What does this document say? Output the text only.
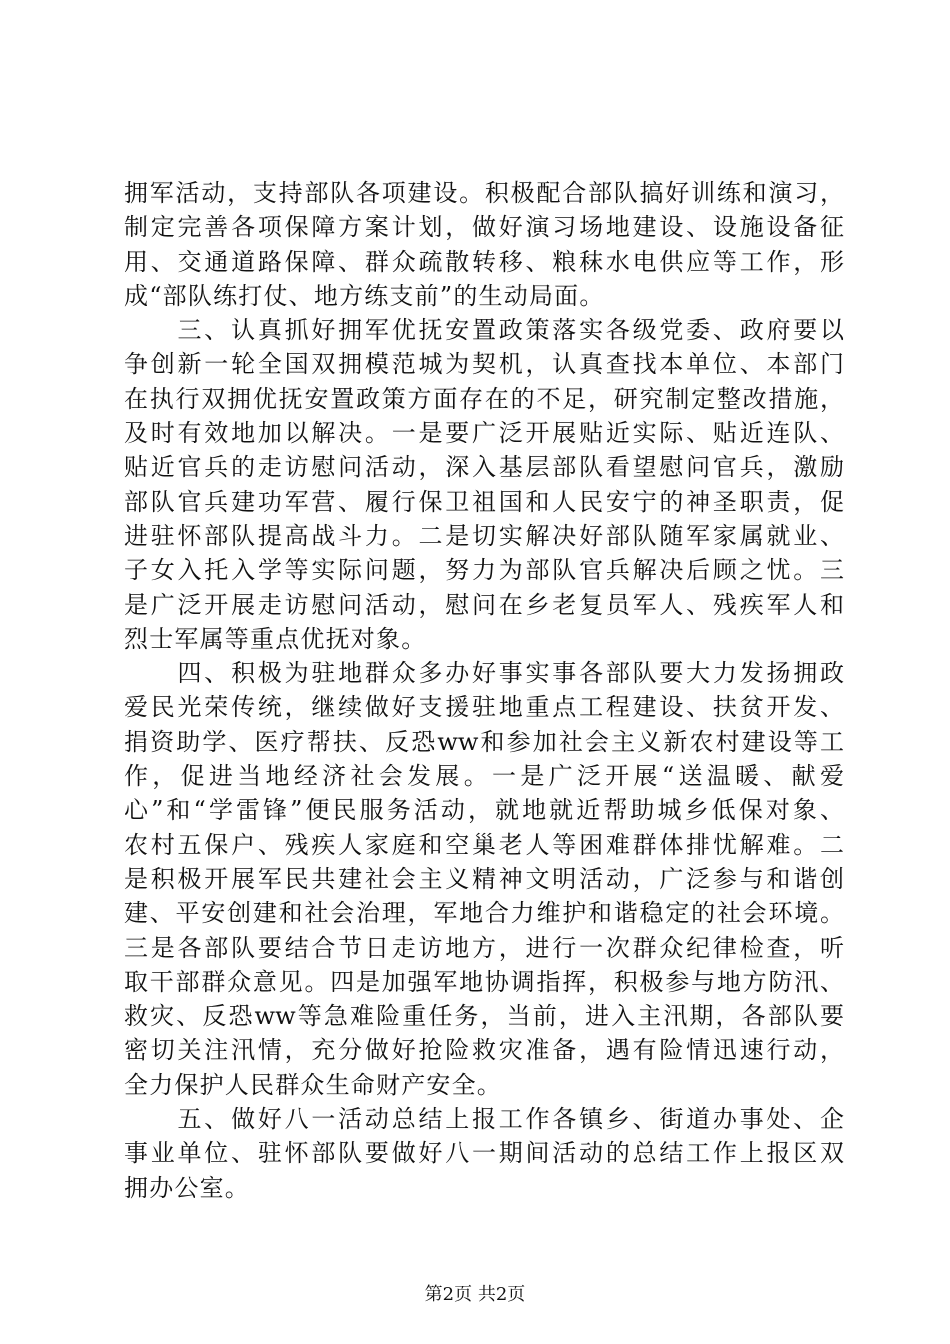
拥军活动，支持部队各项建设。积极配合部队搞好训练和演习，
制定完善各项保障方案计划，做好演习场地建设、设施设备征
用、交通道路保障、群众疏散转移、粮秣水电供应等工作，形
成“部队练打仗、地方练支前”的生动局面。
　　三、认真抓好拥军优抚安置政策落实各级党委、政府要以
争创新一轮全国双拥模范城为契机，认真查找本单位、本部门
在执行双拥优抚安置政策方面存在的不足，研究制定整改措施，
及时有效地加以解决。一是要广泛开展贴近实际、贴近连队、
贴近官兵的走访慰问活动，深入基层部队看望慰问官兵，激励
部队官兵建功军营、履行保卫祖国和人民安宁的神圣职责，促
进驻怀部队提高战斗力。二是切实解决好部队随军家属就业、
子女入托入学等实际问题，努力为部队官兵解决后顾之忧。三
是广泛开展走访慰问活动，慰问在乡老复员军人、残疾军人和
烈士军属等重点优抚对象。
　　四、积极为驻地群众多办好事实事各部队要大力发扬拥政
爱民光荣传统，继续做好支援驻地重点工程建设、扶贫开发、
捐资助学、医疗帮扶、反恐ww和参加社会主义新农村建设等工
作，促进当地经济社会发展。一是广泛开展“送温暖、献爱
心”和“学雷锋”便民服务活动，就地就近帮助城乡低保对象、
农村五保户、残疾人家庭和空巢老人等困难群体排忧解难。二
是积极开展军民共建社会主义精神文明活动，广泛参与和谐创
建、平安创建和社会治理，军地合力维护和谐稳定的社会环境。
三是各部队要结合节日走访地方，进行一次群众纪律检查，听
取干部群众意见。四是加强军地协调指挥，积极参与地方防汛、
救灾、反恐ww等急难险重任务，当前，进入主汛期，各部队要
密切关注汛情，充分做好抢险救灾准备，遇有险情迅速行动，
全力保护人民群众生命财产安全。
　　五、做好八一活动总结上报工作各镇乡、街道办事处、企
事业单位、驻怀部队要做好八一期间活动的总结工作上报区双
拥办公室。
第2页 共2页
